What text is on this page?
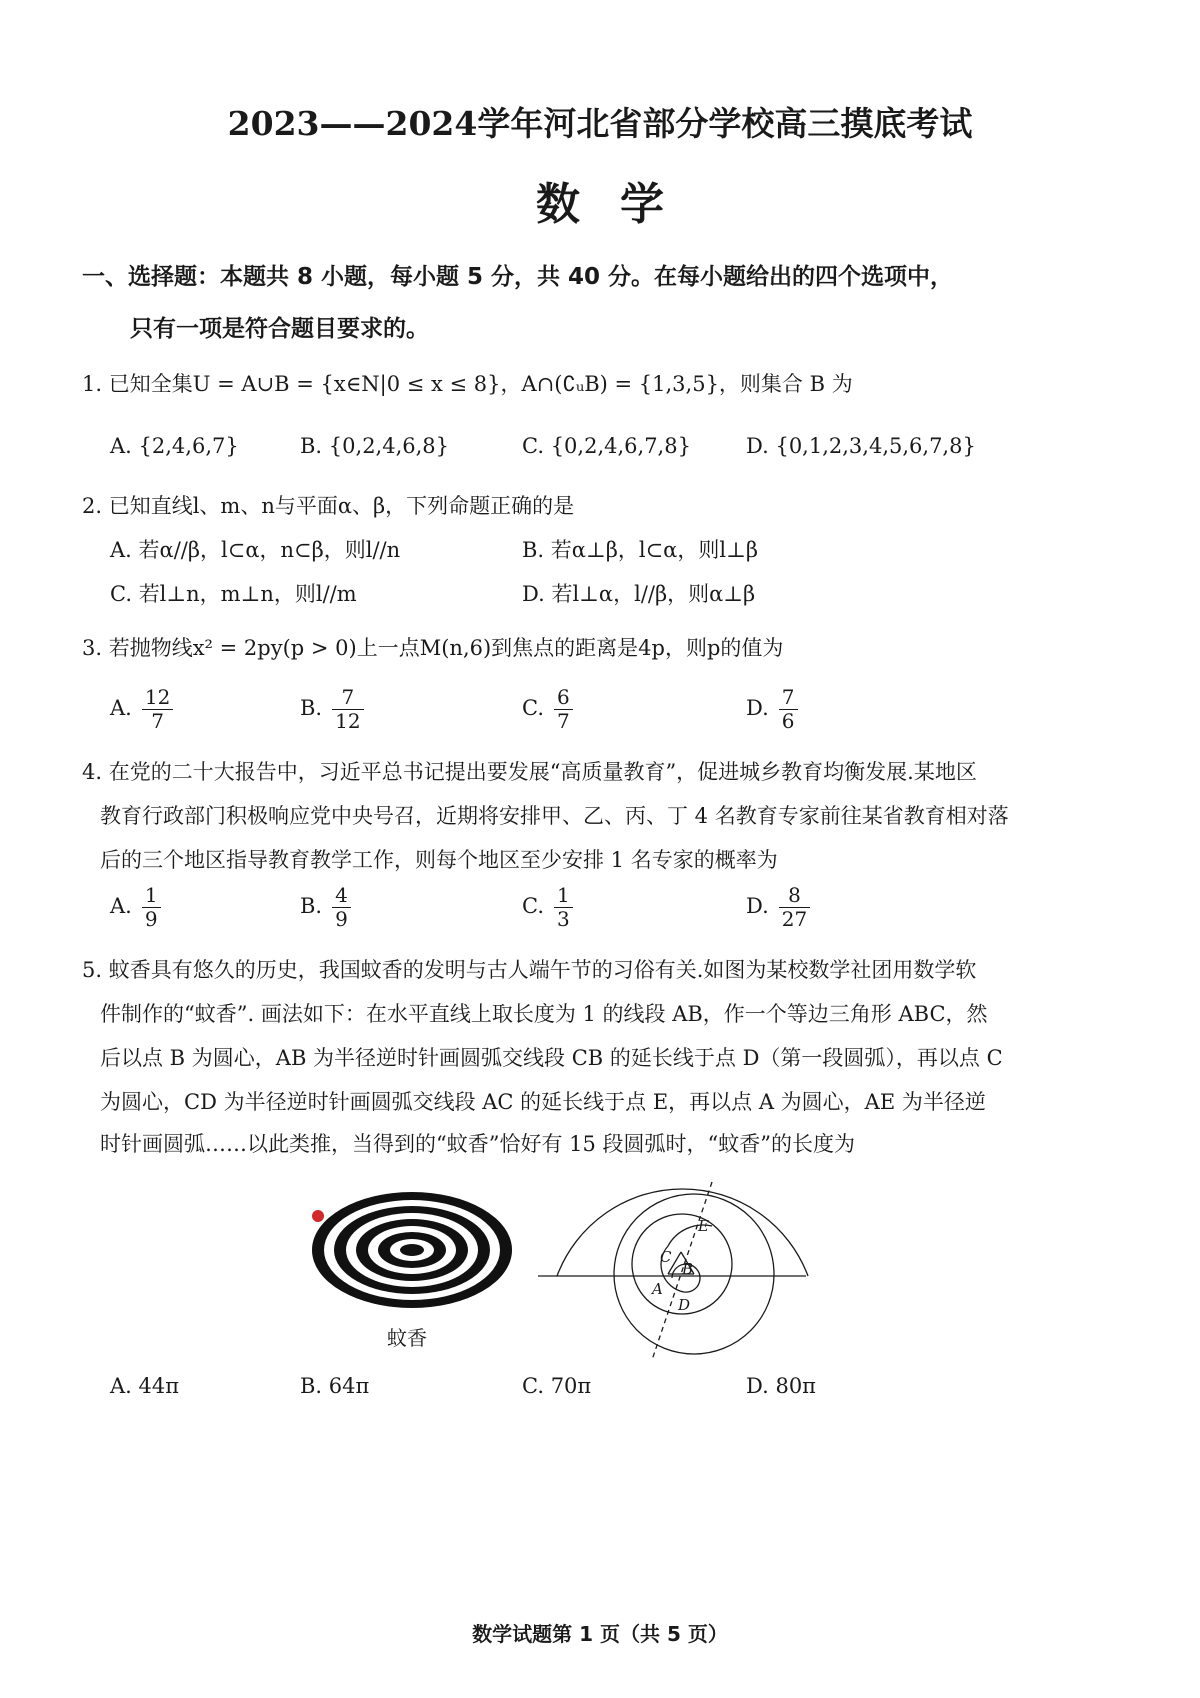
2023——2024学年河北省部分学校高三摸底考试
数学
一、选择题：本题共 8 小题，每小题 5 分，共 40 分。在每小题给出的四个选项中，
只有一项是符合题目要求的。
1. 已知全集U = A∪B = {x∈N|0 ≤ x ≤ 8}，A∩(∁ᵤB) = {1,3,5}，则集合 B 为
A. {2,4,6,7}	B. {0,2,4,6,8}	C. {0,2,4,6,7,8}	D. {0,1,2,3,4,5,6,7,8}
2. 已知直线l、m、n与平面α、β，下列命题正确的是
A. 若α//β，l⊂α，n⊂β，则l//n	B. 若α⊥β，l⊂α，则l⊥β
C. 若l⊥n，m⊥n，则l//m	D. 若l⊥α，l//β，则α⊥β
3. 若抛物线x² = 2py(p > 0)上一点M(n,6)到焦点的距离是4p，则p的值为
A. $\frac{12}{7}$	B. $\frac{7}{12}$	C. $\frac{6}{7}$	D. $\frac{7}{6}$
4. 在党的二十大报告中，习近平总书记提出要发展“高质量教育”，促进城乡教育均衡发展.某地区
教育行政部门积极响应党中央号召，近期将安排甲、乙、丙、丁 4 名教育专家前往某省教育相对落
后的三个地区指导教育教学工作，则每个地区至少安排 1 名专家的概率为
A. $\frac{1}{9}$	B. $\frac{4}{9}$	C. $\frac{1}{3}$	D. $\frac{8}{27}$
5. 蚊香具有悠久的历史，我国蚊香的发明与古人端午节的习俗有关.如图为某校数学社团用数学软
件制作的“蚊香”. 画法如下：在水平直线上取长度为 1 的线段 AB，作一个等边三角形 ABC，然
后以点 B 为圆心，AB 为半径逆时针画圆弧交线段 CB 的延长线于点 D（第一段圆弧），再以点 C
为圆心，CD 为半径逆时针画圆弧交线段 AC 的延长线于点 E，再以点 A 为圆心，AE 为半径逆
时针画圆弧……以此类推，当得到的“蚊香”恰好有 15 段圆弧时，“蚊香”的长度为
蚊香
E
C
B
A
D
A. 44π	B. 64π	C. 70π	D. 80π
数学试题第 1 页（共 5 页）
